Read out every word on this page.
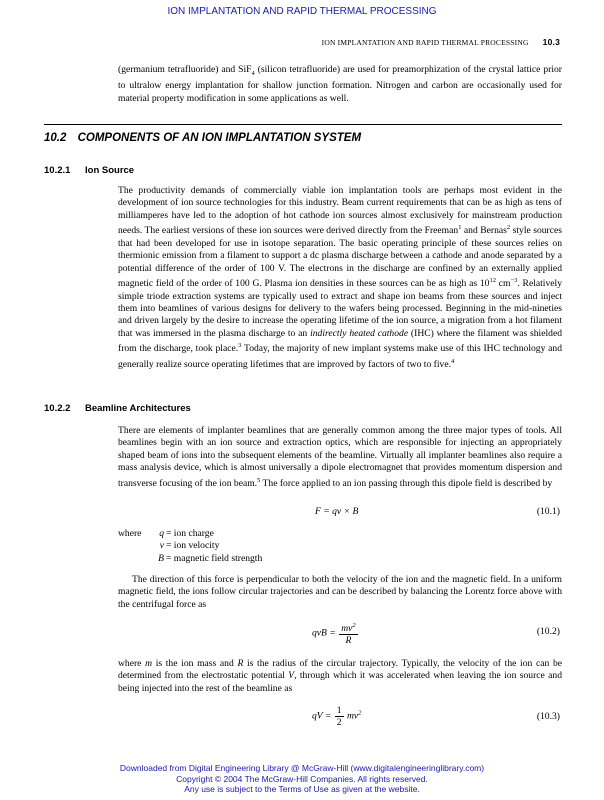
ION IMPLANTATION AND RAPID THERMAL PROCESSING
ION IMPLANTATION AND RAPID THERMAL PROCESSING 10.3
(germanium tetrafluoride) and SiF$_4$ (silicon tetrafluoride) are used for preamorphization of the crystal lattice prior to ultralow energy implantation for shallow junction formation. Nitrogen and carbon are occasionally used for material property modification in some applications as well.
10.2 COMPONENTS OF AN ION IMPLANTATION SYSTEM
10.2.1 Ion Source
The productivity demands of commercially viable ion implantation tools are perhaps most evident in the development of ion source technologies for this industry. Beam current requirements that can be as high as tens of milliamperes have led to the adoption of hot cathode ion sources almost exclusively for mainstream production needs. The earliest versions of these ion sources were derived directly from the Freeman$^1$ and Bernas$^2$ style sources that had been developed for use in isotope separation. The basic operating principle of these sources relies on thermionic emission from a filament to support a dc plasma discharge between a cathode and anode separated by a potential difference of the order of 100 V. The electrons in the discharge are confined by an externally applied magnetic field of the order of 100 G. Plasma ion densities in these sources can be as high as $10^{12}$ $cm^{-3}$. Relatively simple triode extraction systems are typically used to extract and shape ion beams from these sources and inject them into beamlines of various designs for delivery to the wafers being processed. Beginning in the mid-nineties and driven largely by the desire to increase the operating lifetime of the ion source, a migration from a hot filament that was immersed in the plasma discharge to an indirectly heated cathode (IHC) where the filament was shielded from the discharge, took place.$^3$ Today, the majority of new implant systems make use of this IHC technology and generally realize source operating lifetimes that are improved by factors of two to five.$^4$
10.2.2 Beamline Architectures
There are elements of implanter beamlines that are generally common among the three major types of tools. All beamlines begin with an ion source and extraction optics, which are responsible for injecting an appropriately shaped beam of ions into the subsequent elements of the beamline. Virtually all implanter beamlines also require a mass analysis device, which is almost universally a dipole electromagnet that provides momentum dispersion and transverse focusing of the ion beam.$^5$ The force applied to an ion passing through this dipole field is described by
F = qv × B	(10.1)
where	q	= ion charge
	v	= ion velocity
	B	= magnetic field strength
The direction of this force is perpendicular to both the velocity of the ion and the magnetic field. In a uniform magnetic field, the ions follow circular trajectories and can be described by balancing the Lorentz force above with the centrifugal force as
qvB = $\frac{mv^2}{R}$	(10.2)
where m is the ion mass and R is the radius of the circular trajectory. Typically, the velocity of the ion can be determined from the electrostatic potential V, through which it was accelerated when leaving the ion source and being injected into the rest of the beamline as
qV = $\frac{1}{2} mv^2$	(10.3)
Downloaded from Digital Engineering Library @ McGraw-Hill (www.digitalengineeringlibrary.com)
Copyright © 2004 The McGraw-Hill Companies. All rights reserved.
Any use is subject to the Terms of Use as given at the website.
